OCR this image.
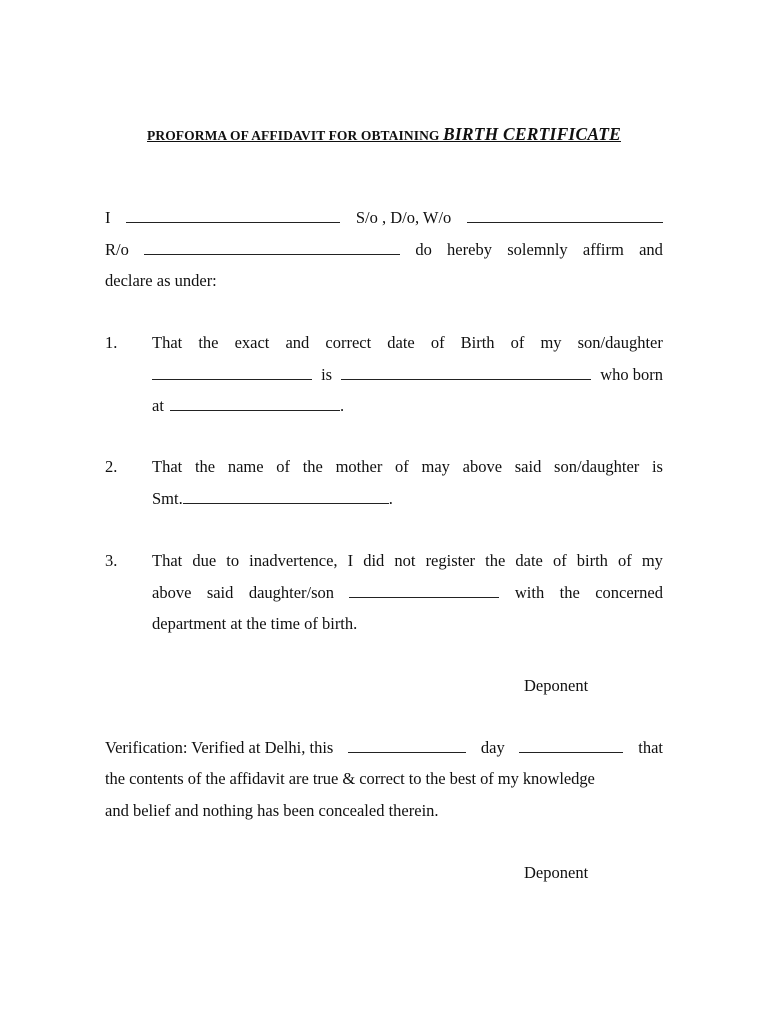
PROFORMA OF AFFIDAVIT FOR OBTAINING BIRTH CERTIFICATE
I	S/o , D/o, W/o
R/o	do hereby solemnly affirm and
declare as under:
1. That the exact and correct date of Birth of my son/daughter
is	who born
at	.
2. That the name of the mother of may above said son/daughter is
Smt.	.
3. That due to inadvertence, I did not register the date of birth of my
above said daughter/son	with the concerned
department at the time of birth.
Deponent
Verification: Verified at Delhi, this	day	that
the contents of the affidavit are true & correct to the best of my knowledge
and belief and nothing has been concealed therein.
Deponent
